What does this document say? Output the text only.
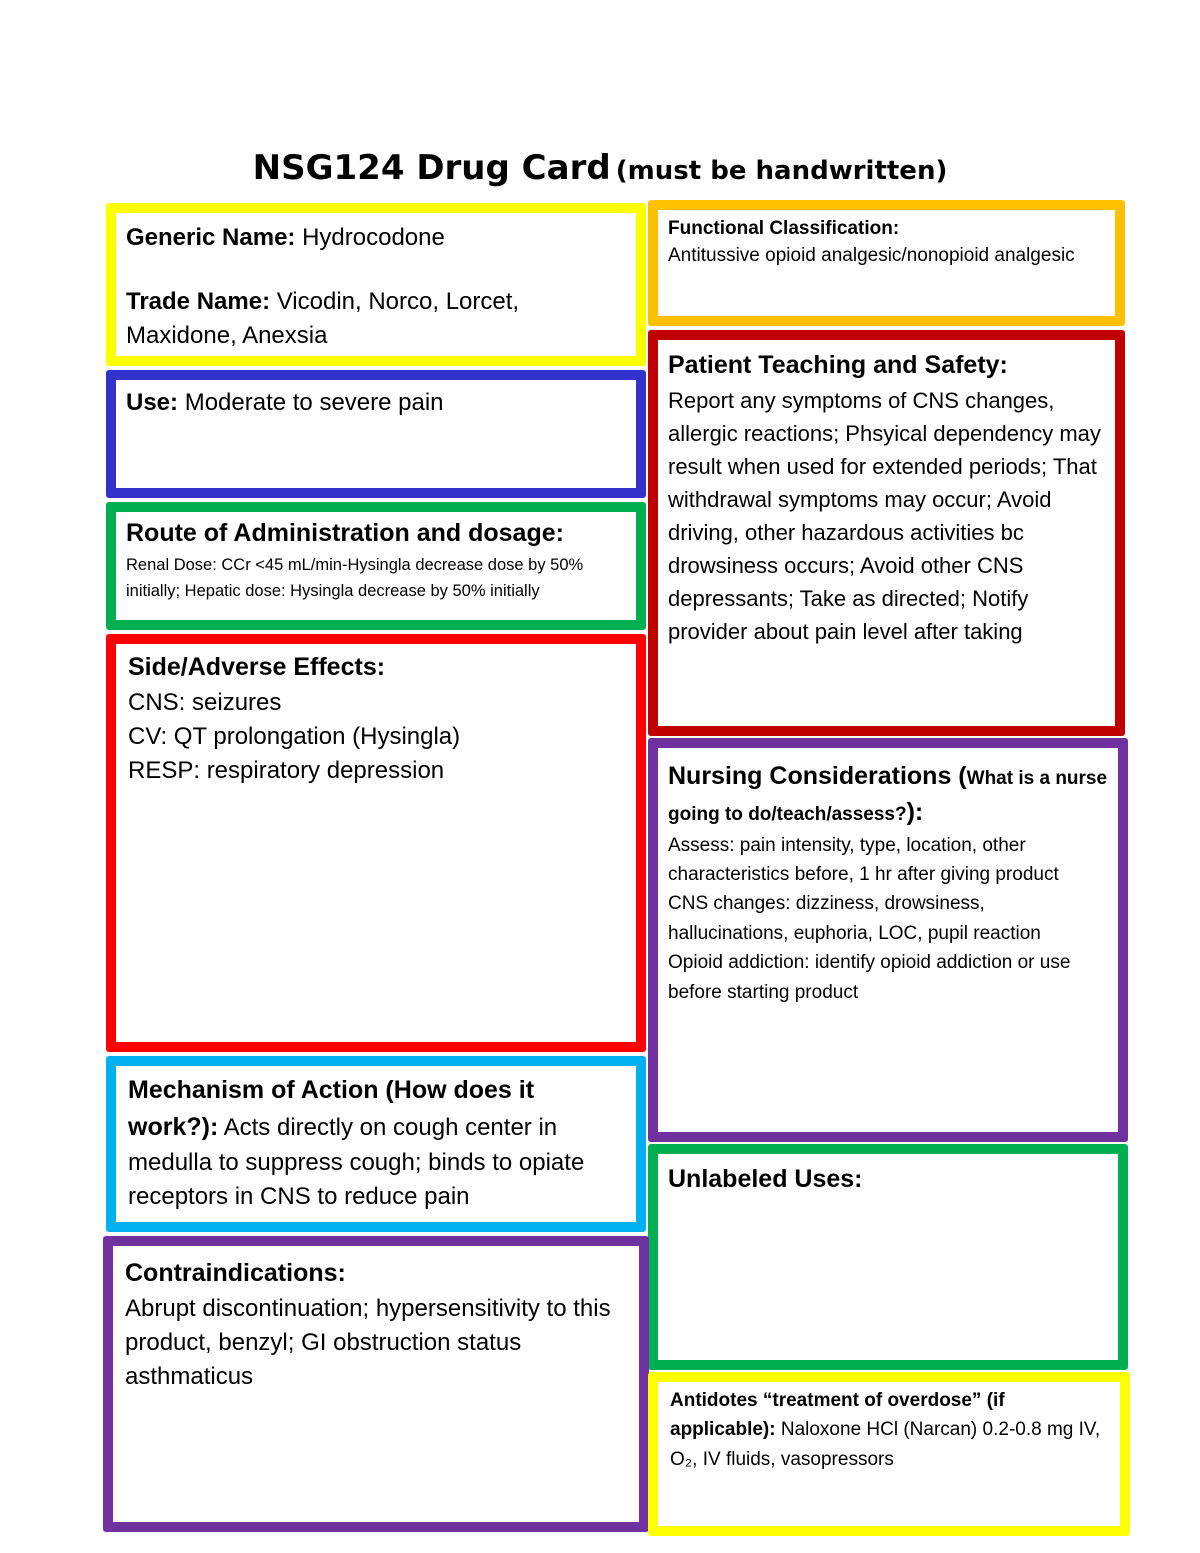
NSG124 Drug Card (must be handwritten)
Generic Name: Hydrocodone
Trade Name: Vicodin, Norco, Lorcet, Maxidone, Anexsia
Functional Classification:
Antitussive opioid analgesic/nonopioid analgesic
Use: Moderate to severe pain
Route of Administration and dosage:
Renal Dose: CCr <45 mL/min-Hysingla decrease dose by 50% initially; Hepatic dose: Hysingla decrease by 50% initially
Patient Teaching and Safety:
Report any symptoms of CNS changes, allergic reactions; Phsyical dependency may result when used for extended periods; That withdrawal symptoms may occur; Avoid driving, other hazardous activities bc drowsiness occurs; Avoid other CNS depressants; Take as directed; Notify provider about pain level after taking
Side/Adverse Effects:
CNS: seizures
CV: QT prolongation (Hysingla)
RESP: respiratory depression	Nursing Considerations (What is a nurse going to do/teach/assess?):
Assess: pain intensity, type, location, other characteristics before, 1 hr after giving product
CNS changes: dizziness, drowsiness, hallucinations, euphoria, LOC, pupil reaction
Opioid addiction: identify opioid addiction or use before starting product
Mechanism of Action (How does it work?): Acts directly on cough center in medulla to suppress cough; binds to opiate receptors in CNS to reduce pain
Unlabeled Uses:
Contraindications:
Abrupt discontinuation; hypersensitivity to this product, benzyl; GI obstruction status asthmaticus
Antidotes “treatment of overdose” (if applicable): Naloxone HCl (Narcan) 0.2-0.8 mg IV, O₂, IV fluids, vasopressors
